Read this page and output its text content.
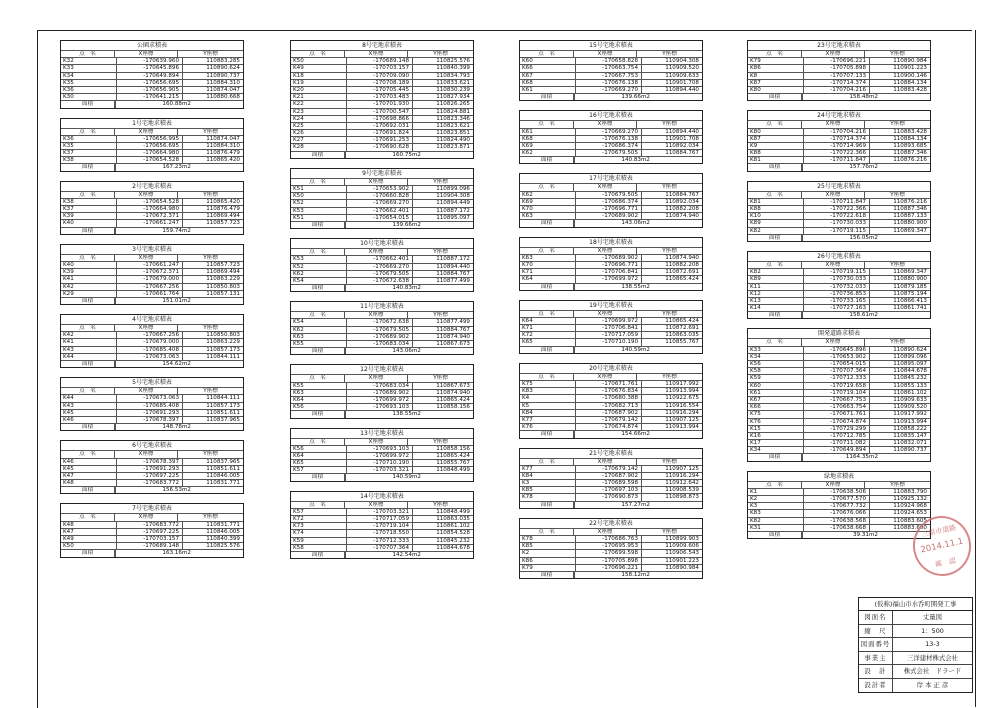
公園求積表
点　名	X座標	Y座標
K32	-170639.960	110883.285
K33	-170645.896	110890.624
K34	-170649.894	110890.737
K35	-170656.695	110884.310
K36	-170656.905	110874.047
K30	-170641.215	110880.668
面積	160.88m2
1号宅地求積表
点　名	X座標	Y座標
K36	-170656.995	110874.047
K35	-170656.695	110884.310
K37	-170664.980	110876.479
K38	-170654.528	110865.420
面積	167.23m2
2号宅地求積表
点　名	X座標	Y座標
K38	-170654.528	110865.420
K37	-170664.980	110876.479
K39	-170672.371	110869.494
K40	-170661.247	110857.723
面積	159.74m2
3号宅地求積表
点　名	X座標	Y座標
K40	-170661.247	110857.723
K39	-170672.371	110869.494
K41	-170679.000	110863.229
K42	-170667.256	110850.803
K29	-170661.764	110857.131
面積	151.01m2
4号宅地求積表
点　名	X座標	Y座標
K42	-170667.256	110850.803
K41	-170679.000	110863.229
K43	-170685.408	110857.173
K44	-170673.063	110844.111
面積	154.62m2
5号宅地求積表
点　名	X座標	Y座標
K44	-170673.063	110844.111
K43	-170685.408	110857.173
K45	-170691.293	110851.611
K46	-170678.397	110837.965
面積	148.78m2
6号宅地求積表
点　名	X座標	Y座標
K46	-170678.397	110837.965
K45	-170691.293	110851.611
K47	-170697.225	110846.005
K48	-170683.772	110831.771
面積	156.53m2
7号宅地求積表
点　名	X座標	Y座標
K48	-170683.772	110831.771
K47	-170697.225	110846.005
K49	-170703.157	110840.399
K50	-170689.148	110825.576
面積	163.16m2
8号宅地求積表
点　名	X座標	Y座標
K50	-170689.148	110825.576
K49	-170703.157	110840.399
K18	-170709.090	110834.793
K19	-170708.189	110833.621
K20	-170705.445	110830.239
K21	-170703.483	110827.934
K22	-170701.930	110826.265
K23	-170700.547	110824.881
K24	-170698.866	110823.346
K25	-170692.031	110823.621
K26	-170691.824	110823.851
K27	-170691.253	110824.490
K28	-170690.628	110823.871
面積	160.75m2
9号宅地求積表
点　名	X座標	Y座標
K51	-170653.902	110899.096
K50	-170660.828	110904.308
K52	-170669.270	110894.449
K53	-170662.401	110887.172
K51	-170654.015	110895.097
面積	139.66m2
10号宅地求積表
点　名	X座標	Y座標
K53	-170662.401	110887.172
K52	-170669.270	110894.440
K62	-170679.505	110884.767
K54	-170672.638	110877.499
面積	140.83m2
11号宅地求積表
点　名	X座標	Y座標
K54	-170672.638	110877.499
K62	-170679.505	110884.767
K63	-170689.902	110874.940
K55	-170683.034	110867.673
面積	143.06m2
12号宅地求積表
点　名	X座標	Y座標
K55	-170683.034	110867.673
K63	-170689.902	110874.940
K64	-170699.972	110865.424
K56	-170693.103	110858.156
面積	138.55m2
13号宅地求積表
点　名	X座標	Y座標
K56	-170693.103	110858.156
K64	-170699.972	110865.424
K65	-170710.190	110855.767
K57	-170703.321	110848.499
面積	140.59m2
14号宅地求積表
点　名	X座標	Y座標
K57	-170703.321	110848.499
K72	-170717.059	110863.035
K73	-170719.104	110861.102
K74	-170718.550	110854.528
K59	-170712.333	110845.232
K58	-170707.364	110844.678
面積	142.54m2
15号宅地求積表
点　名	X座標	Y座標
K60	-170658.828	110904.308
K66	-170663.754	110909.520
K67	-170667.753	110909.633
K68	-170676.138	110901.708
K61	-170669.270	110894.440
面積	139.66m2
16号宅地求積表
点　名	X座標	Y座標
K61	-170669.270	110894.440
K68	-170676.138	110901.708
K69	-170686.374	110892.034
K62	-170679.505	110884.767
面積	140.83m2
17号宅地求積表
点　名	X座標	Y座標
K62	-170679.505	110884.767
K69	-170686.374	110892.034
K70	-170696.771	110882.208
K63	-170689.902	110874.940
面積	143.06m2
18号宅地求積表
点　名	X座標	Y座標
K63	-170689.902	110874.940
K70	-170696.771	110882.208
K71	-170706.841	110872.691
K64	-170699.972	110865.424
面積	138.55m2
19号宅地求積表
点　名	X座標	Y座標
K64	-170699.972	110865.424
K71	-170706.841	110872.691
K72	-170717.059	110863.035
K65	-170710.190	110855.767
面積	140.59m2
20号宅地求積表
点　名	X座標	Y座標
K75	-170671.761	110917.992
K83	-170676.834	110913.994
K4	-170680.388	110922.675
K5	-170682.713	110916.554
K84	-170687.902	110916.294
K77	-170679.142	110907.125
K76	-170674.874	110913.994
面積	154.66m2
21号宅地求積表
点　名	X座標	Y座標
K77	-170679.142	110907.125
K84	-170687.902	110916.294
K3	-170689.598	110912.642
K85	-170697.103	110908.539
K78	-170690.873	110898.873
面積	157.27m2
22号宅地求積表
点　名	X座標	Y座標
K78	-170686.763	110899.903
K85	-170695.953	110909.606
K2	-170699.598	110906.543
K86	-170705.898	110901.223
K79	-170696.221	110890.984
面積	158.12m2
23号宅地求積表
点　名	X座標	Y座標
K79	-170696.221	110890.984
K86	-170705.898	110901.223
K8	-170707.133	110900.146
K87	-170714.374	110884.134
K80	-170704.216	110883.428
面積	158.48m2
24号宅地求積表
点　名	X座標	Y座標
K80	-170704.216	110883.428
K87	-170714.374	110884.134
K9	-170714.969	110893.685
K88	-170722.366	110887.346
K81	-170711.847	110876.216
面積	157.76m2
25号宅地求積表
点　名	X座標	Y座標
K81	-170711.847	110876.216
K88	-170722.366	110887.346
K10	-170722.618	110887.133
K89	-170730.033	110880.900
K82	-170719.115	110869.347
面積	156.05m2
26号宅地求積表
点　名	X座標	Y座標
K82	-170719.115	110869.347
K89	-170730.033	110880.900
K11	-170732.033	110879.185
K12	-170736.853	110875.194
K13	-170733.165	110866.413
K14	-170727.163	110861.741
面積	158.61m2
開発道路求積表
点　名	X座標	Y座標
K33	-170645.896	110890.624
K34	-170653.902	110899.096
K56	-170654.015	110895.097
K58	-170707.364	110844.678
K59	-170712.333	110845.232
K60	-170719.658	110855.133
K61	-170719.104	110861.102
K67	-170667.753	110909.633
K66	-170663.754	110909.520
K75	-170671.761	110917.992
K76	-170674.874	110913.994
K15	-170729.299	110858.222
K16	-170712.785	110835.147
K17	-170711.082	110832.071
K34	-170649.894	110890.737
面積	1164.35m2
緑地求積表
点　名	X座標	Y座標
K1	-170638.506	110883.790
K2	-170677.570	110925.132
K3	-170677.732	110924.968
K83	-170676.066	110924.653
K82	-170638.568	110883.605
K31	-170638.668	110883.600
面積	39.31m2	三原市道路
2014.11.1
確　認
(仮称)福山市水呑町開発工事
図面名	丈量図
縮　尺	1：500
図面番号	13-3
事業主	三洋建材株式会社
設　計	株式会社　ドラード
設計者	岸 本 正 彦
